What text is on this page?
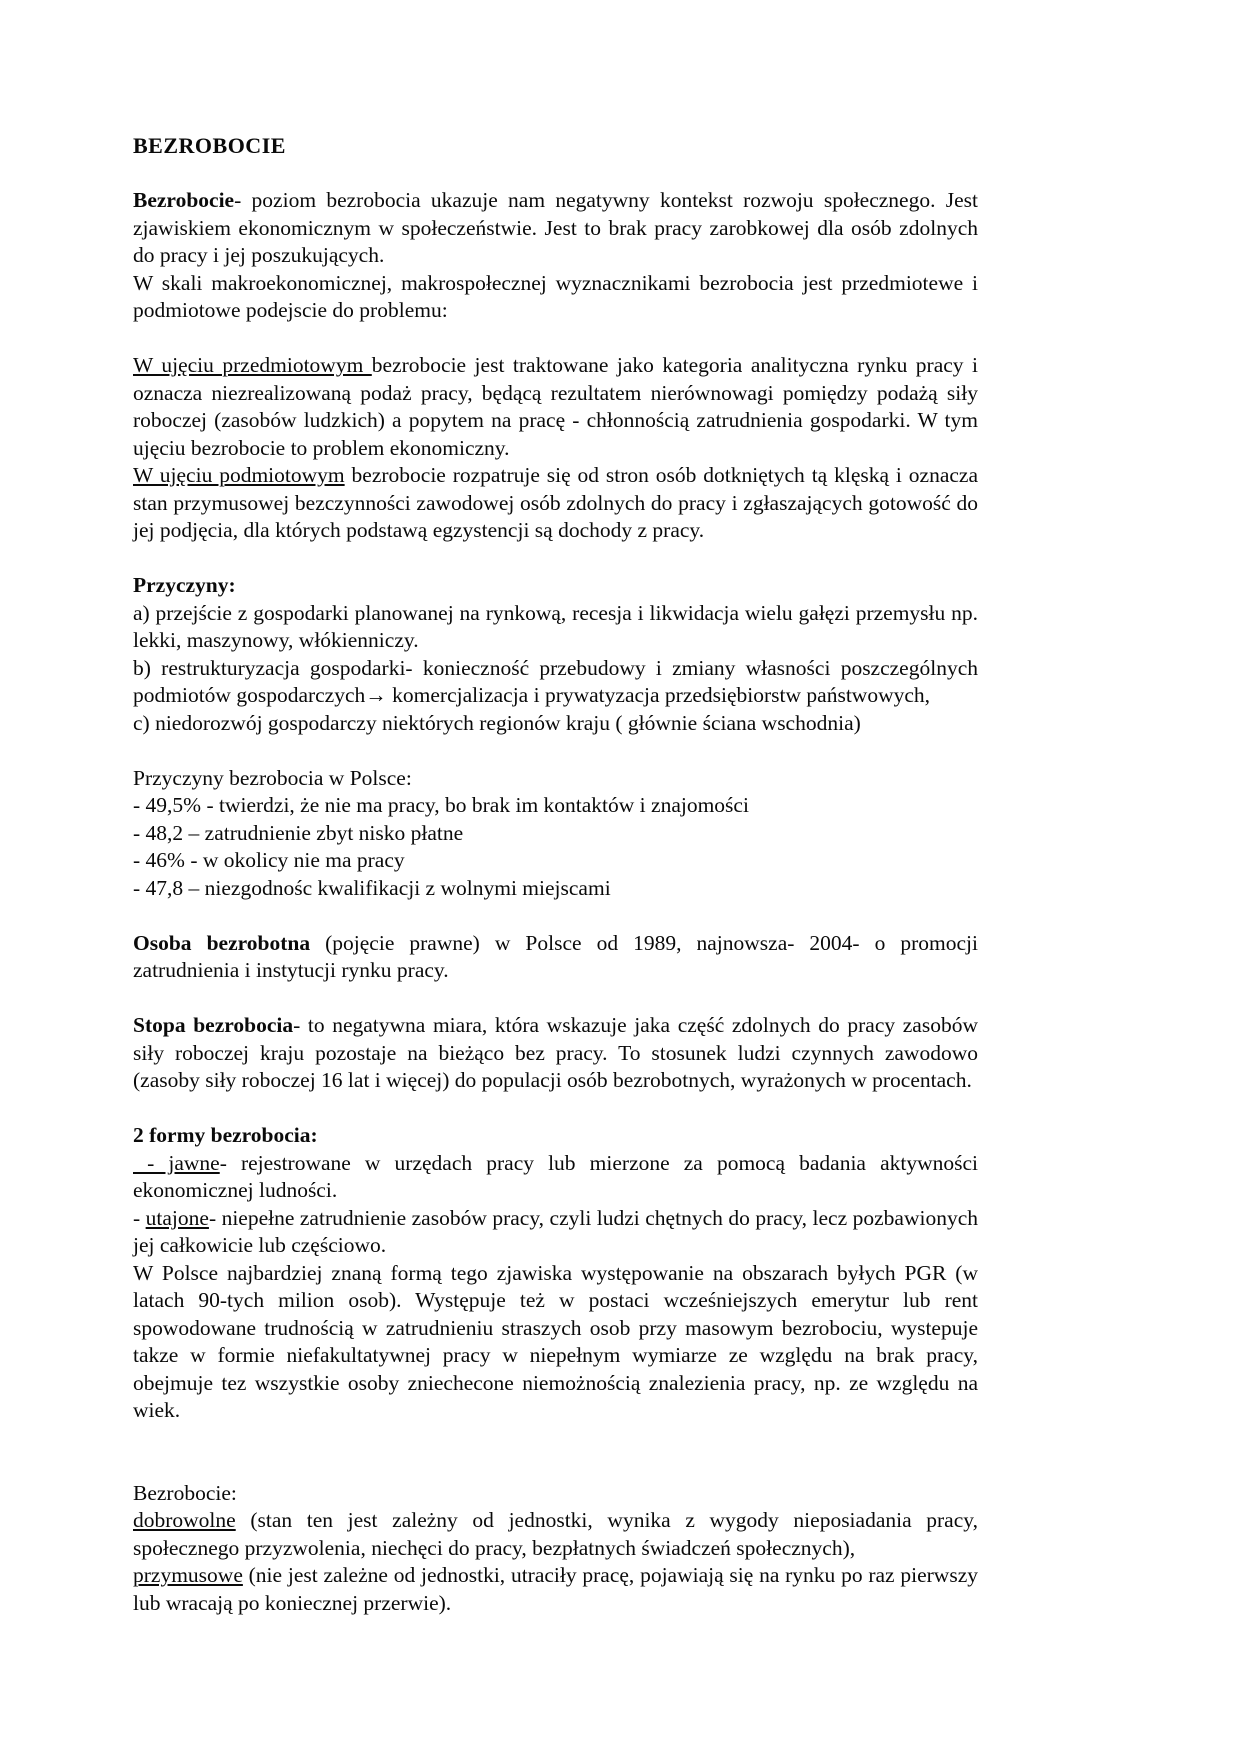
BEZROBOCIE

Bezrobocie- poziom bezrobocia ukazuje nam negatywny kontekst rozwoju społecznego. Jest zjawiskiem ekonomicznym w społeczeństwie. Jest to brak pracy zarobkowej dla osób zdolnych do pracy i jej poszukujących.

W skali makroekonomicznej, makrospołecznej wyznacznikami bezrobocia jest przedmiotewe i podmiotowe podejscie do problemu:

W ujęciu przedmiotowym bezrobocie jest traktowane jako kategoria analityczna rynku pracy i oznacza niezrealizowaną podaż pracy, będącą rezultatem nierównowagi pomiędzy podażą siły roboczej (zasobów ludzkich) a popytem na pracę - chłonnością zatrudnienia gospodarki. W tym ujęciu bezrobocie to problem ekonomiczny.

W ujęciu podmiotowym bezrobocie rozpatruje się od stron osób dotkniętych tą klęską i oznacza stan przymusowej bezczynności zawodowej osób zdolnych do pracy i zgłaszających gotowość do jej podjęcia, dla których podstawą egzystencji są dochody z pracy.

Przyczyny:

a) przejście z gospodarki planowanej na rynkową, recesja i likwidacja wielu gałęzi przemysłu np. lekki, maszynowy, włókienniczy.

b) restrukturyzacja gospodarki- konieczność przebudowy i zmiany własności poszczególnych podmiotów gospodarczych→ komercjalizacja i prywatyzacja przedsiębiorstw państwowych,

c) niedorozwój gospodarczy niektórych regionów kraju ( głównie ściana wschodnia)

Przyczyny bezrobocia w Polsce:

- 49,5% - twierdzi, że nie ma pracy, bo brak im kontaktów i znajomości

- 48,2 – zatrudnienie zbyt nisko płatne

- 46% - w okolicy nie ma pracy

- 47,8 – niezgodnośc kwalifikacji z wolnymi miejscami

Osoba bezrobotna (pojęcie prawne) w Polsce od 1989, najnowsza- 2004- o promocji zatrudnienia i instytucji rynku pracy.

Stopa bezrobocia- to negatywna miara, która wskazuje jaka część zdolnych do pracy zasobów siły roboczej kraju pozostaje na bieżąco bez pracy. To stosunek ludzi czynnych zawodowo (zasoby siły roboczej 16 lat i więcej) do populacji osób bezrobotnych, wyrażonych w procentach.

2 formy bezrobocia:

- jawne- rejestrowane w urzędach pracy lub mierzone za pomocą badania aktywności ekonomicznej ludności.

- utajone- niepełne zatrudnienie zasobów pracy, czyli ludzi chętnych do pracy, lecz pozbawionych jej całkowicie lub częściowo.

W Polsce najbardziej znaną formą tego zjawiska występowanie na obszarach byłych PGR (w latach 90-tych milion osob). Występuje też w postaci wcześniejszych emerytur lub rent spowodowane trudnością w zatrudnieniu straszych osob przy masowym bezrobociu, wystepuje takze w formie niefakultatywnej pracy w niepełnym wymiarze ze względu na brak pracy, obejmuje tez wszystkie osoby zniechecone niemożnością znalezienia pracy, np. ze względu na wiek.

Bezrobocie:

dobrowolne (stan ten jest zależny od jednostki, wynika z wygody nieposiadania pracy, społecznego przyzwolenia, niechęci do pracy, bezpłatnych świadczeń społecznych),

przymusowe (nie jest zależne od jednostki, utraciły pracę, pojawiają się na rynku po raz pierwszy lub wracają po koniecznej przerwie).
